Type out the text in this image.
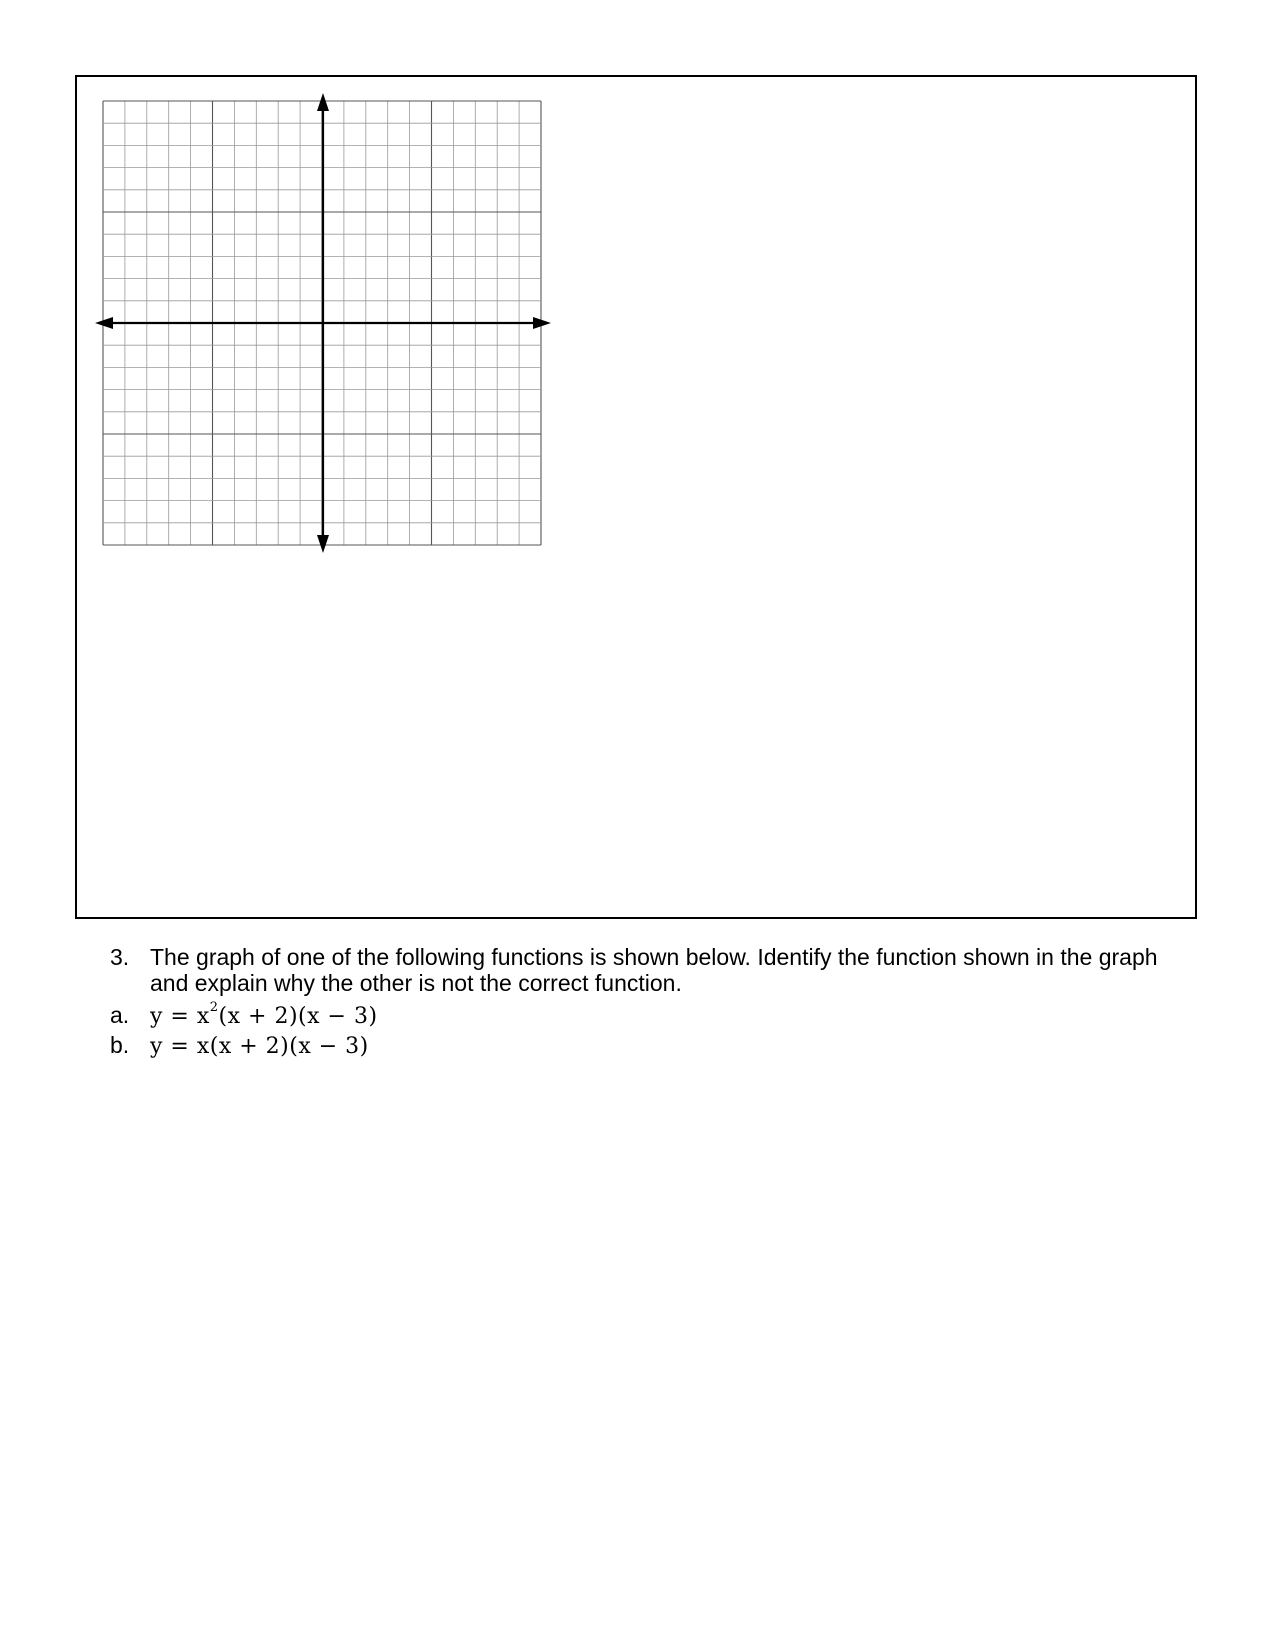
3. The graph of one of the following functions is shown below. Identify the function shown in the graph and explain why the other is not the correct function.
a. $y = x^2(x + 2)(x - 3)$
b. y = x(x + 2)(x − 3)
